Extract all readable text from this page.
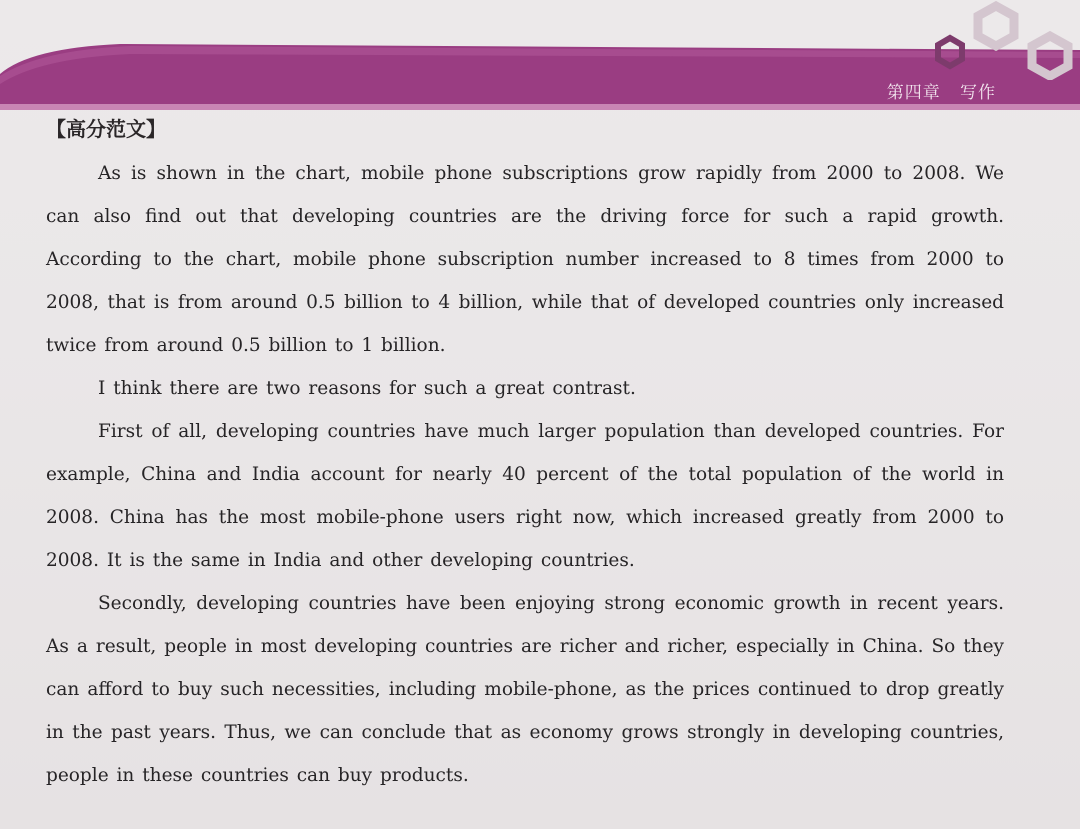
第四章   写作
【高分范文】

As is shown in the chart, mobile phone subscriptions grow rapidly from 2000 to 2008. We can also find out that developing countries are the driving force for such a rapid growth. According to the chart, mobile phone subscription number increased to 8 times from 2000 to 2008, that is from around 0.5 billion to 4 billion, while that of developed countries only increased twice from around 0.5 billion to 1 billion.

I think there are two reasons for such a great contrast.

First of all, developing countries have much larger population than developed countries. For example, China and India account for nearly 40 percent of the total population of the world in 2008. China has the most mobile-phone users right now, which increased greatly from 2000 to 2008. It is the same in India and other developing countries.

Secondly, developing countries have been enjoying strong economic growth in recent years. As a result, people in most developing countries are richer and richer, especially in China. So they can afford to buy such necessities, including mobile-phone, as the prices continued to drop greatly in the past years. Thus, we can conclude that as economy grows strongly in developing countries, people in these countries can buy products.
